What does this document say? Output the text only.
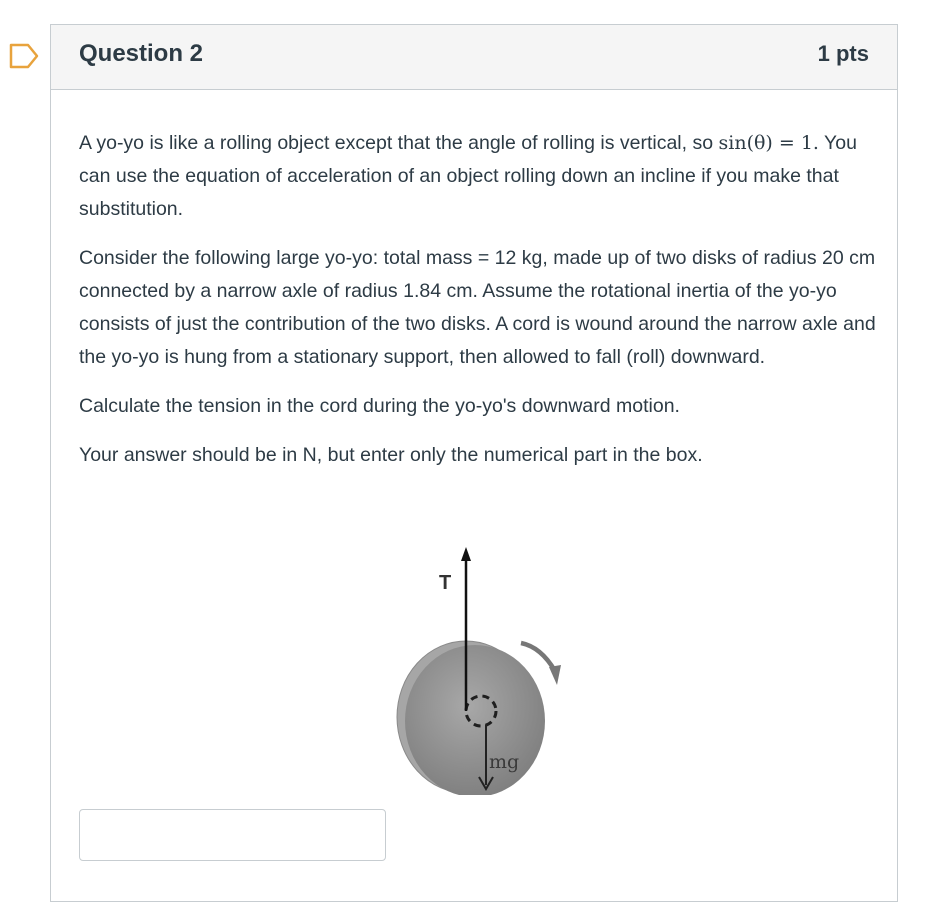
Question 2	1 pts

A yo-yo is like a rolling object except that the angle of rolling is vertical, so sin(θ) = 1. You can use the equation of acceleration of an object rolling down an incline if you make that substitution.

Consider the following large yo-yo: total mass = 12 kg, made up of two disks of radius 20 cm connected by a narrow axle of radius 1.84 cm. Assume the rotational inertia of the yo-yo consists of just the contribution of the two disks. A cord is wound around the narrow axle and the yo-yo is hung from a stationary support, then allowed to fall (roll) downward.

Calculate the tension in the cord during the yo-yo's downward motion.

Your answer should be in N, but enter only the numerical part in the box.

T
mg
